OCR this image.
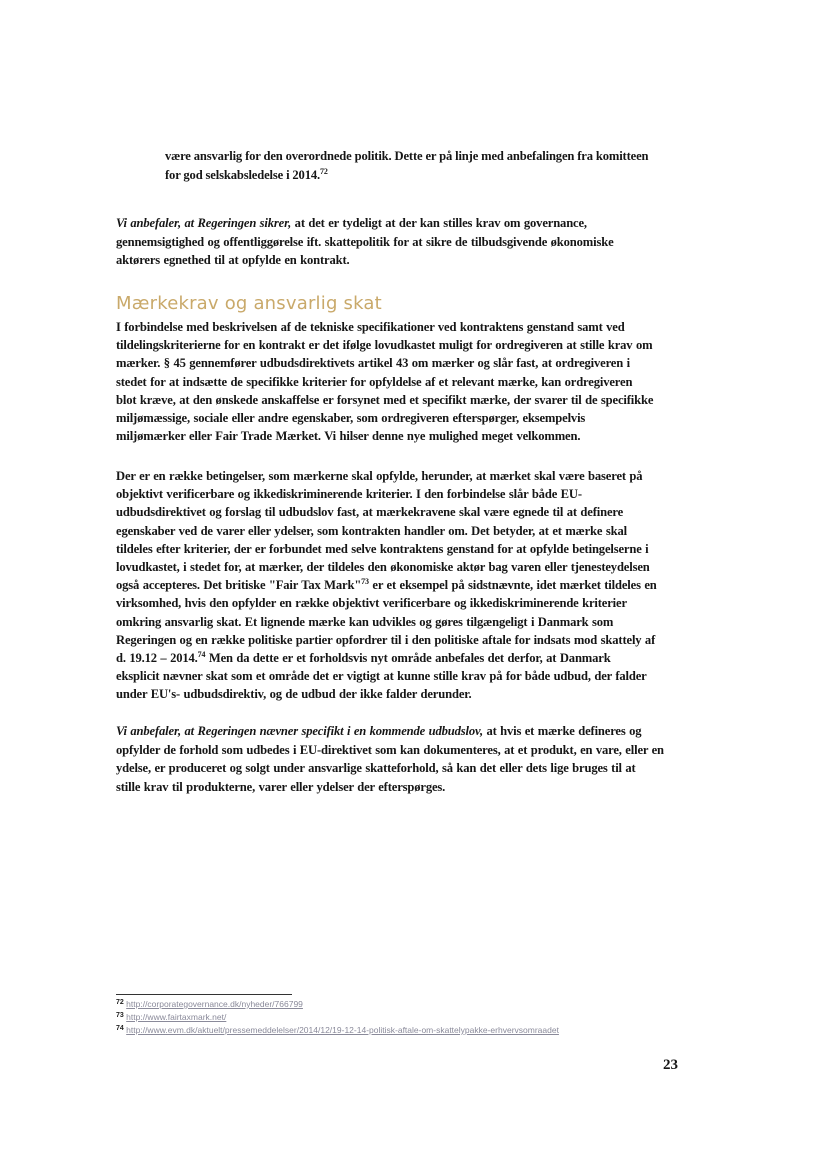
være ansvarlig for den overordnede politik. Dette er på linje med anbefalingen fra komitteen
for god selskabsledelse i 2014.72
Vi anbefaler, at Regeringen sikrer, at det er tydeligt at der kan stilles krav om governance,
gennemsigtighed og offentliggørelse ift. skattepolitik for at sikre de tilbudsgivende økonomiske
aktørers egnethed til at opfylde en kontrakt.
Mærkekrav og ansvarlig skat
I forbindelse med beskrivelsen af de tekniske specifikationer ved kontraktens genstand samt ved
tildelingskriterierne for en kontrakt er det ifølge lovudkastet muligt for ordregiveren at stille krav om
mærker. § 45 gennemfører udbudsdirektivets artikel 43 om mærker og slår fast, at ordregiveren i
stedet for at indsætte de specifikke kriterier for opfyldelse af et relevant mærke, kan ordregiveren
blot kræve, at den ønskede anskaffelse er forsynet med et specifikt mærke, der svarer til de specifikke
miljømæssige, sociale eller andre egenskaber, som ordregiveren efterspørger, eksempelvis
miljømærker eller Fair Trade Mærket. Vi hilser denne nye mulighed meget velkommen.
Der er en række betingelser, som mærkerne skal opfylde, herunder, at mærket skal være baseret på
objektivt verificerbare og ikkediskriminerende kriterier. I den forbindelse slår både EU-
udbudsdirektivet og forslag til udbudslov fast, at mærkekravene skal være egnede til at definere
egenskaber ved de varer eller ydelser, som kontrakten handler om. Det betyder, at et mærke skal
tildeles efter kriterier, der er forbundet med selve kontraktens genstand for at opfylde betingelserne i
lovudkastet, i stedet for, at mærker, der tildeles den økonomiske aktør bag varen eller tjenesteydelsen
også accepteres. Det britiske "Fair Tax Mark"$^{73}$ er et eksempel på sidstnævnte, idet mærket tildeles en
virksomhed, hvis den opfylder en række objektivt verificerbare og ikkediskriminerende kriterier
omkring ansvarlig skat. Et lignende mærke kan udvikles og gøres tilgængeligt i Danmark som
Regeringen og en række politiske partier opfordrer til i den politiske aftale for indsats mod skattely af
d. 19.12 – 2014.74 Men da dette er et forholdsvis nyt område anbefales det derfor, at Danmark
eksplicit nævner skat som et område det er vigtigt at kunne stille krav på for både udbud, der falder
under EU's- udbudsdirektiv, og de udbud der ikke falder derunder.
Vi anbefaler, at Regeringen nævner specifikt i en kommende udbudslov, at hvis et mærke defineres og
opfylder de forhold som udbedes i EU-direktivet som kan dokumenteres, at et produkt, en vare, eller en
ydelse, er produceret og solgt under ansvarlige skatteforhold, så kan det eller dets lige bruges til at
stille krav til produkterne, varer eller ydelser der efterspørges.
$^{72}$ http://corporategovernance.dk/nyheder/766799
$^{73}$ http://www.fairtaxmark.net/
$^{74}$ http://www.evm.dk/aktuelt/pressemeddelelser/2014/12/19-12-14-politisk-aftale-om-skattelypakke-erhvervsomraadet
23
